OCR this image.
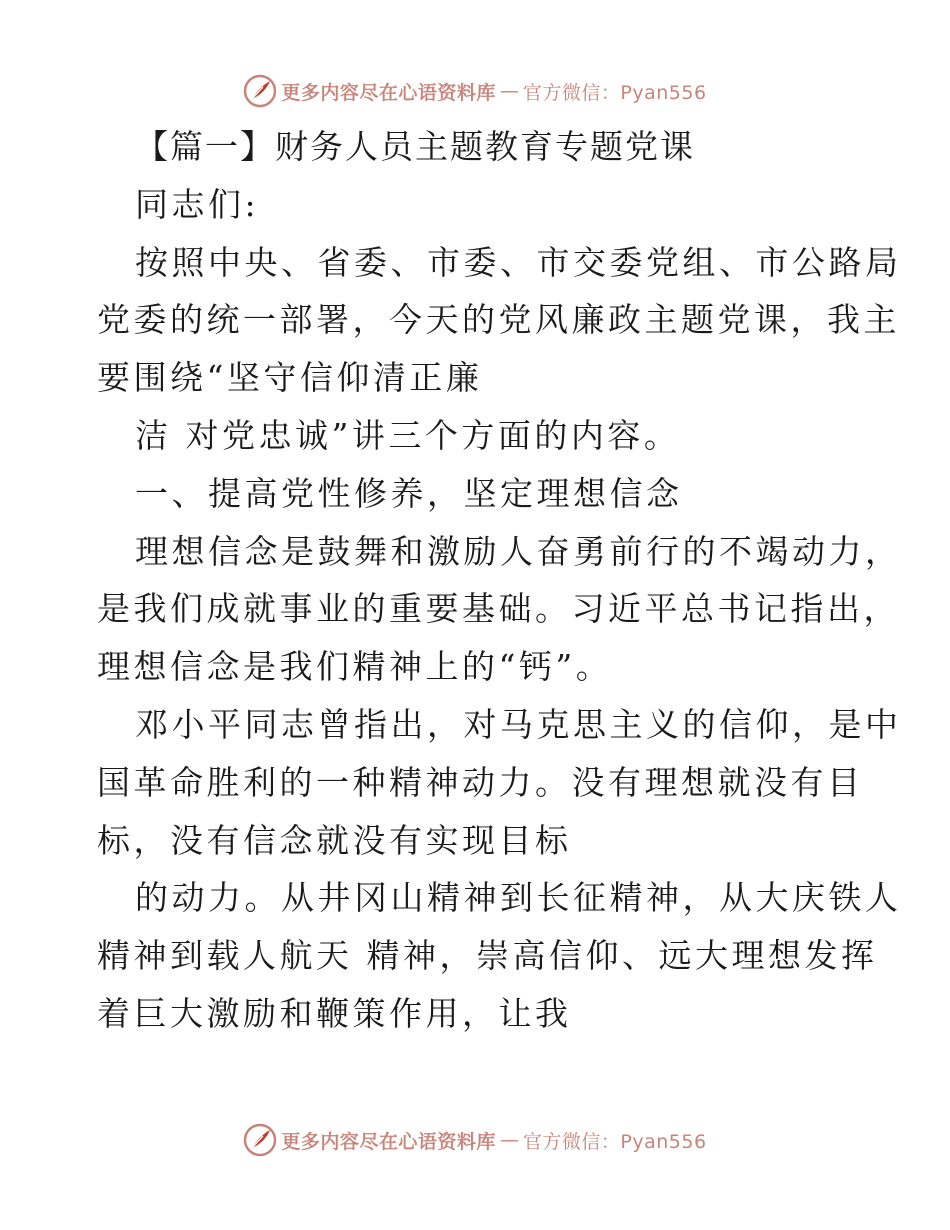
更多内容尽在心语资料库 — 官方微信：Pyan556
【篇一】财务人员主题教育专题党课
同志们:
按照中央、省委、市委、市交委党组、市公路局
党委的统一部署，今天的党风廉政主题党课，我主
要围绕“坚守信仰清正廉
洁 对党忠诚”讲三个方面的内容。
一、提高党性修养，坚定理想信念
理想信念是鼓舞和激励人奋勇前行的不竭动力，
是我们成就事业的重要基础。习近平总书记指出，
理想信念是我们精神上的“钙”。
邓小平同志曾指出，对马克思主义的信仰，是中
国革命胜利的一种精神动力。没有理想就没有目
标，没有信念就没有实现目标
的动力。从井冈山精神到长征精神，从大庆铁人
精神到载人航天 精神，崇高信仰、远大理想发挥
着巨大激励和鞭策作用，让我
更多内容尽在心语资料库 — 官方微信：Pyan556
